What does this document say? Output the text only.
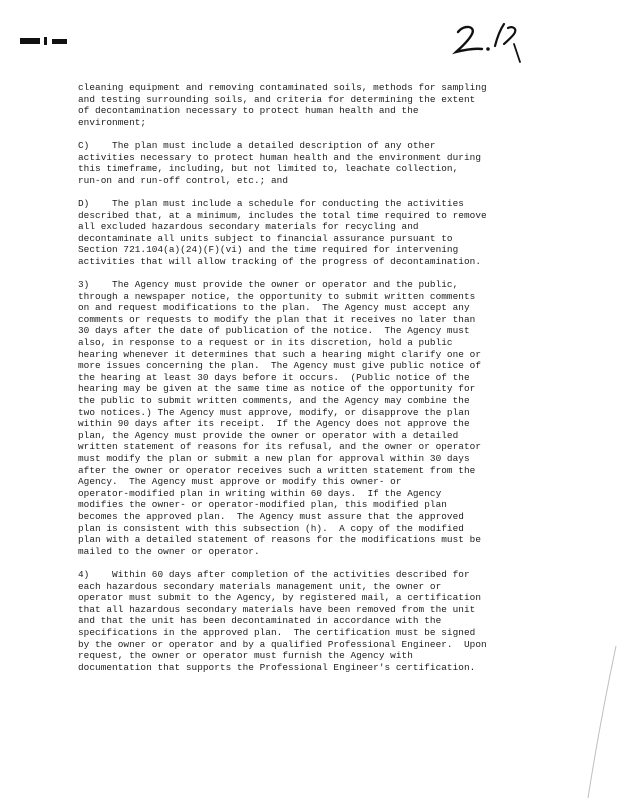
cleaning equipment and removing contaminated soils, methods for sampling
and testing surrounding soils, and criteria for determining the extent
of decontamination necessary to protect human health and the
environment;

C)    The plan must include a detailed description of any other
activities necessary to protect human health and the environment during
this timeframe, including, but not limited to, leachate collection,
run-on and run-off control, etc.; and

D)    The plan must include a schedule for conducting the activities
described that, at a minimum, includes the total time required to remove
all excluded hazardous secondary materials for recycling and
decontaminate all units subject to financial assurance pursuant to
Section 721.104(a)(24)(F)(vi) and the time required for intervening
activities that will allow tracking of the progress of decontamination.

3)    The Agency must provide the owner or operator and the public,
through a newspaper notice, the opportunity to submit written comments
on and request modifications to the plan.  The Agency must accept any
comments or requests to modify the plan that it receives no later than
30 days after the date of publication of the notice.  The Agency must
also, in response to a request or in its discretion, hold a public
hearing whenever it determines that such a hearing might clarify one or
more issues concerning the plan.  The Agency must give public notice of
the hearing at least 30 days before it occurs.  (Public notice of the
hearing may be given at the same time as notice of the opportunity for
the public to submit written comments, and the Agency may combine the
two notices.) The Agency must approve, modify, or disapprove the plan
within 90 days after its receipt.  If the Agency does not approve the
plan, the Agency must provide the owner or operator with a detailed
written statement of reasons for its refusal, and the owner or operator
must modify the plan or submit a new plan for approval within 30 days
after the owner or operator receives such a written statement from the
Agency.  The Agency must approve or modify this owner- or
operator-modified plan in writing within 60 days.  If the Agency
modifies the owner- or operator-modified plan, this modified plan
becomes the approved plan.  The Agency must assure that the approved
plan is consistent with this subsection (h).  A copy of the modified
plan with a detailed statement of reasons for the modifications must be
mailed to the owner or operator.

4)    Within 60 days after completion of the activities described for
each hazardous secondary materials management unit, the owner or
operator must submit to the Agency, by registered mail, a certification
that all hazardous secondary materials have been removed from the unit
and that the unit has been decontaminated in accordance with the
specifications in the approved plan.  The certification must be signed
by the owner or operator and by a qualified Professional Engineer.  Upon
request, the owner or operator must furnish the Agency with
documentation that supports the Professional Engineer's certification.
